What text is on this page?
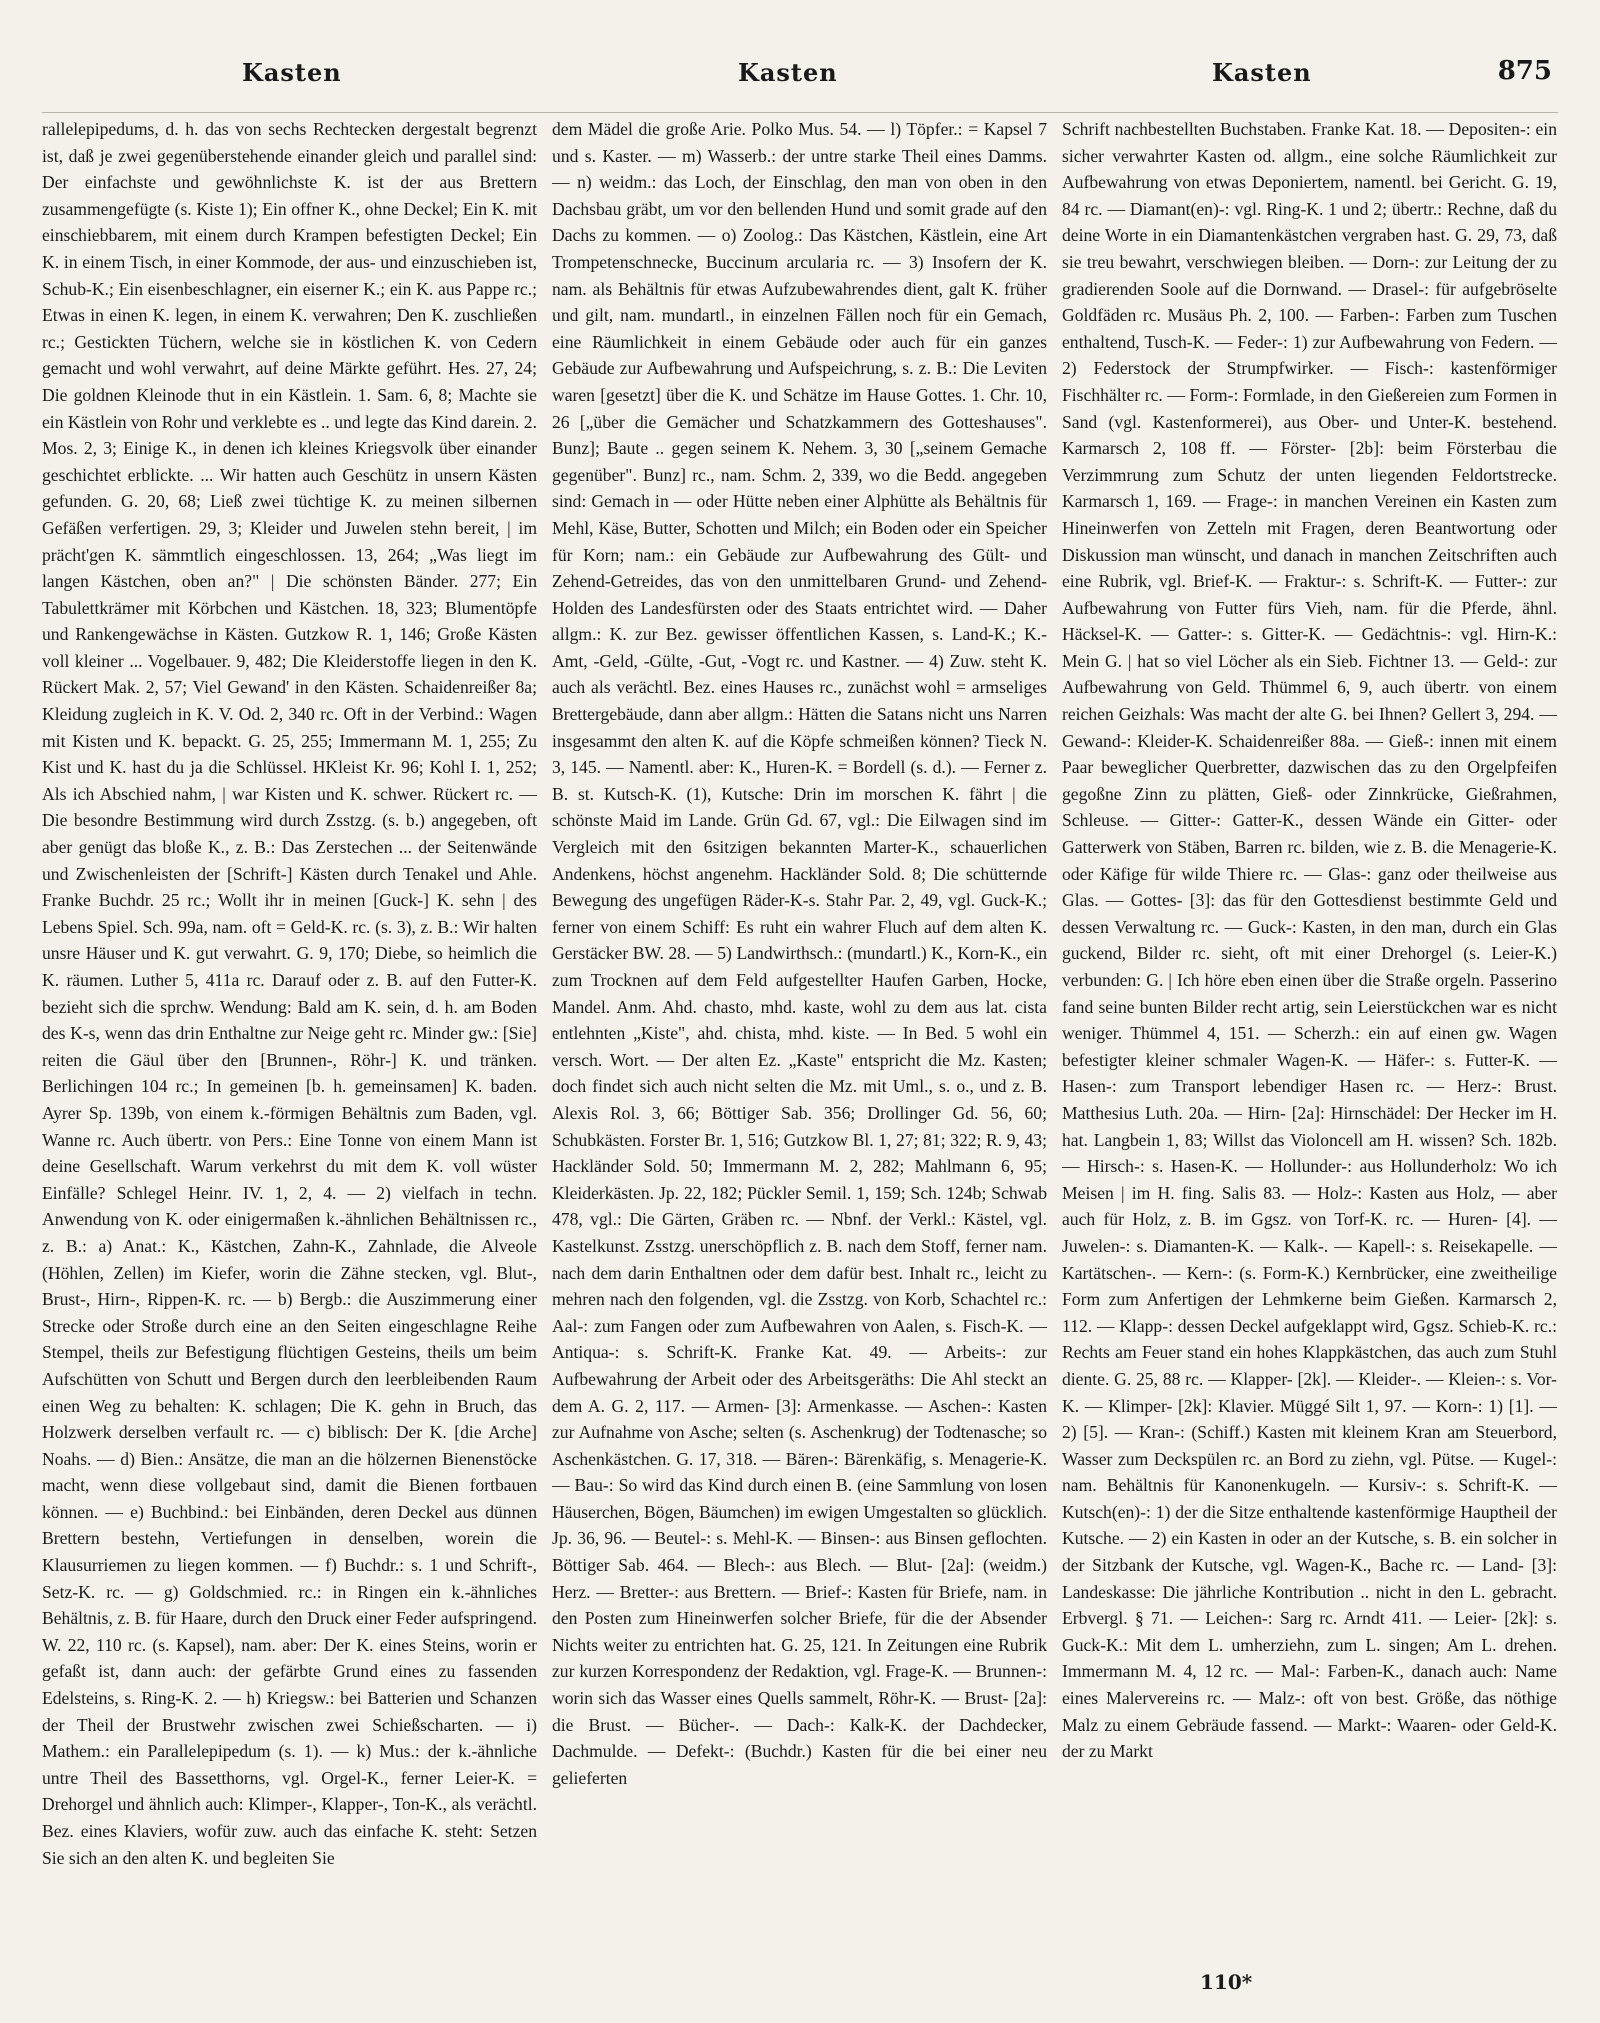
Kasten	Kasten	Kasten	875

rallelepipedums, d. h. das von sechs Rechtecken dergestalt begrenzt ist, daß je zwei gegenüberstehende einander gleich und parallel sind: Der einfachste und gewöhnlichste K. ist der aus Brettern zusammengefügte (s. Kiste 1); Ein offner K., ohne Deckel; Ein K. mit einschiebbarem, mit einem durch Krampen befestigten Deckel; Ein K. in einem Tisch, in einer Kommode, der aus- und einzuschieben ist, Schub-K.; Ein eisenbeschlagner, ein eiserner K.; ein K. aus Pappe rc.; Etwas in einen K. legen, in einem K. verwahren; Den K. zuschließen rc.; Gestickten Tüchern, welche sie in köstlichen K. von Cedern gemacht und wohl verwahrt, auf deine Märkte geführt. Hes. 27, 24; Die goldnen Kleinode thut in ein Kästlein. 1. Sam. 6, 8; Machte sie ein Kästlein von Rohr und verklebte es .. und legte das Kind darein. 2. Mos. 2, 3; Einige K., in denen ich kleines Kriegsvolk über einander geschichtet erblickte. ... Wir hatten auch Geschütz in unsern Kästen gefunden. G. 20, 68; Ließ zwei tüchtige K. zu meinen silbernen Gefäßen verfertigen. 29, 3; Kleider und Juwelen stehn bereit, | im prächt'gen K. sämmtlich eingeschlossen. 13, 264; „Was liegt im langen Kästchen, oben an?" | Die schönsten Bänder. 277; Ein Tabulettkrämer mit Körbchen und Kästchen. 18, 323; Blumentöpfe und Rankengewächse in Kästen. Gutzkow R. 1, 146; Große Kästen voll kleiner ... Vogelbauer. 9, 482; Die Kleiderstoffe liegen in den K. Rückert Mak. 2, 57; Viel Gewand' in den Kästen. Schaidenreißer 8a; Kleidung zugleich in K. V. Od. 2, 340 rc. Oft in der Verbind.: Wagen mit Kisten und K. bepackt. G. 25, 255; Immermann M. 1, 255; Zu Kist und K. hast du ja die Schlüssel. HKleist Kr. 96; Kohl I. 1, 252; Als ich Abschied nahm, | war Kisten und K. schwer. Rückert rc. — Die besondre Bestimmung wird durch Zsstzg. (s. b.) angegeben, oft aber genügt das bloße K., z. B.: Das Zerstechen ... der Seitenwände und Zwischenleisten der [Schrift-] Kästen durch Tenakel und Ahle. Franke Buchdr. 25 rc.; Wollt ihr in meinen [Guck-] K. sehn | des Lebens Spiel. Sch. 99a, nam. oft = Geld-K. rc. (s. 3), z. B.: Wir halten unsre Häuser und K. gut verwahrt. G. 9, 170; Diebe, so heimlich die K. räumen. Luther 5, 411a rc. Darauf oder z. B. auf den Futter-K. bezieht sich die sprchw. Wendung: Bald am K. sein, d. h. am Boden des K-s, wenn das drin Enthaltne zur Neige geht rc. Minder gw.: [Sie] reiten die Gäul über den [Brunnen-, Röhr-] K. und tränken. Berlichingen 104 rc.; In gemeinen [b. h. gemeinsamen] K. baden. Ayrer Sp. 139b, von einem k.-förmigen Behältnis zum Baden, vgl. Wanne rc. Auch übertr. von Pers.: Eine Tonne von einem Mann ist deine Gesellschaft. Warum verkehrst du mit dem K. voll wüster Einfälle? Schlegel Heinr. IV. 1, 2, 4. — 2) vielfach in techn. Anwendung von K. oder einigermaßen k.-ähnlichen Behältnissen rc., z. B.: a) Anat.: K., Kästchen, Zahn-K., Zahnlade, die Alveole (Höhlen, Zellen) im Kiefer, worin die Zähne stecken, vgl. Blut-, Brust-, Hirn-, Rippen-K. rc. — b) Bergb.: die Auszimmerung einer Strecke oder Stroße durch eine an den Seiten eingeschlagne Reihe Stempel, theils zur Befestigung flüchtigen Gesteins, theils um beim Aufschütten von Schutt und Bergen durch den leerbleibenden Raum einen Weg zu behalten: K. schlagen; Die K. gehn in Bruch, das Holzwerk derselben verfault rc. — c) biblisch: Der K. [die Arche] Noahs. — d) Bien.: Ansätze, die man an die hölzernen Bienenstöcke macht, wenn diese vollgebaut sind, damit die Bienen fortbauen können. — e) Buchbind.: bei Einbänden, deren Deckel aus dünnen Brettern bestehn, Vertiefungen in denselben, worein die Klausurriemen zu liegen kommen. — f) Buchdr.: s. 1 und Schrift-, Setz-K. rc. — g) Goldschmied. rc.: in Ringen ein k.-ähnliches Behältnis, z. B. für Haare, durch den Druck einer Feder aufspringend. W. 22, 110 rc. (s. Kapsel), nam. aber: Der K. eines Steins, worin er gefaßt ist, dann auch: der gefärbte Grund eines zu fassenden Edelsteins, s. Ring-K. 2. — h) Kriegsw.: bei Batterien und Schanzen der Theil der Brustwehr zwischen zwei Schießscharten. — i) Mathem.: ein Parallelepipedum (s. 1). — k) Mus.: der k.-ähnliche untre Theil des Bassetthorns, vgl. Orgel-K., ferner Leier-K. = Drehorgel und ähnlich auch: Klimper-, Klapper-, Ton-K., als verächtl. Bez. eines Klaviers, wofür zuw. auch das einfache K. steht: Setzen Sie sich an den alten K. und begleiten Sie

dem Mädel die große Arie. Polko Mus. 54. — l) Töpfer.: = Kapsel 7 und s. Kaster. — m) Wasserb.: der untre starke Theil eines Damms. — n) weidm.: das Loch, der Einschlag, den man von oben in den Dachsbau gräbt, um vor den bellenden Hund und somit grade auf den Dachs zu kommen. — o) Zoolog.: Das Kästchen, Kästlein, eine Art Trompetenschnecke, Buccinum arcularia rc. — 3) Insofern der K. nam. als Behältnis für etwas Aufzubewahrendes dient, galt K. früher und gilt, nam. mundartl., in einzelnen Fällen noch für ein Gemach, eine Räumlichkeit in einem Gebäude oder auch für ein ganzes Gebäude zur Aufbewahrung und Aufspeichrung, s. z. B.: Die Leviten waren [gesetzt] über die K. und Schätze im Hause Gottes. 1. Chr. 10, 26 [„über die Gemächer und Schatzkammern des Gotteshauses". Bunz]; Baute .. gegen seinem K. Nehem. 3, 30 [„seinem Gemache gegenüber". Bunz] rc., nam. Schm. 2, 339, wo die Bedd. angegeben sind: Gemach in — oder Hütte neben einer Alphütte als Behältnis für Mehl, Käse, Butter, Schotten und Milch; ein Boden oder ein Speicher für Korn; nam.: ein Gebäude zur Aufbewahrung des Gült- und Zehend-Getreides, das von den unmittelbaren Grund- und Zehend-Holden des Landesfürsten oder des Staats entrichtet wird. — Daher allgm.: K. zur Bez. gewisser öffentlichen Kassen, s. Land-K.; K.-Amt, -Geld, -Gülte, -Gut, -Vogt rc. und Kastner. — 4) Zuw. steht K. auch als verächtl. Bez. eines Hauses rc., zunächst wohl = armseliges Brettergebäude, dann aber allgm.: Hätten die Satans nicht uns Narren insgesammt den alten K. auf die Köpfe schmeißen können? Tieck N. 3, 145. — Namentl. aber: K., Huren-K. = Bordell (s. d.). — Ferner z. B. st. Kutsch-K. (1), Kutsche: Drin im morschen K. fährt | die schönste Maid im Lande. Grün Gd. 67, vgl.: Die Eilwagen sind im Vergleich mit den 6sitzigen bekannten Marter-K., schauerlichen Andenkens, höchst angenehm. Hackländer Sold. 8; Die schütternde Bewegung des ungefügen Räder-K-s. Stahr Par. 2, 49, vgl. Guck-K.; ferner von einem Schiff: Es ruht ein wahrer Fluch auf dem alten K. Gerstäcker BW. 28. — 5) Landwirthsch.: (mundartl.) K., Korn-K., ein zum Trocknen auf dem Feld aufgestellter Haufen Garben, Hocke, Mandel. Anm. Ahd. chasto, mhd. kaste, wohl zu dem aus lat. cista entlehnten „Kiste", ahd. chista, mhd. kiste. — In Bed. 5 wohl ein versch. Wort. — Der alten Ez. „Kaste" entspricht die Mz. Kasten; doch findet sich auch nicht selten die Mz. mit Uml., s. o., und z. B. Alexis Rol. 3, 66; Böttiger Sab. 356; Drollinger Gd. 56, 60; Schubkästen. Forster Br. 1, 516; Gutzkow Bl. 1, 27; 81; 322; R. 9, 43; Hackländer Sold. 50; Immermann M. 2, 282; Mahlmann 6, 95; Kleiderkästen. Jp. 22, 182; Pückler Semil. 1, 159; Sch. 124b; Schwab 478, vgl.: Die Gärten, Gräben rc. — Nbnf. der Verkl.: Kästel, vgl. Kastelkunst. Zsstzg. unerschöpflich z. B. nach dem Stoff, ferner nam. nach dem darin Enthaltnen oder dem dafür best. Inhalt rc., leicht zu mehren nach den folgenden, vgl. die Zsstzg. von Korb, Schachtel rc.: Aal-: zum Fangen oder zum Aufbewahren von Aalen, s. Fisch-K. — Antiqua-: s. Schrift-K. Franke Kat. 49. — Arbeits-: zur Aufbewahrung der Arbeit oder des Arbeitsgeräths: Die Ahl steckt an dem A. G. 2, 117. — Armen- [3]: Armenkasse. — Aschen-: Kasten zur Aufnahme von Asche; selten (s. Aschenkrug) der Todtenasche; so Aschenkästchen. G. 17, 318. — Bären-: Bärenkäfig, s. Menagerie-K. — Bau-: So wird das Kind durch einen B. (eine Sammlung von losen Häuserchen, Bögen, Bäumchen) im ewigen Umgestalten so glücklich. Jp. 36, 96. — Beutel-: s. Mehl-K. — Binsen-: aus Binsen geflochten. Böttiger Sab. 464. — Blech-: aus Blech. — Blut- [2a]: (weidm.) Herz. — Bretter-: aus Brettern. — Brief-: Kasten für Briefe, nam. in den Posten zum Hineinwerfen solcher Briefe, für die der Absender Nichts weiter zu entrichten hat. G. 25, 121. In Zeitungen eine Rubrik zur kurzen Korrespondenz der Redaktion, vgl. Frage-K. — Brunnen-: worin sich das Wasser eines Quells sammelt, Röhr-K. — Brust- [2a]: die Brust. — Bücher-. — Dach-: Kalk-K. der Dachdecker, Dachmulde. — Defekt-: (Buchdr.) Kasten für die bei einer neu gelieferten

Schrift nachbestellten Buchstaben. Franke Kat. 18. — Depositen-: ein sicher verwahrter Kasten od. allgm., eine solche Räumlichkeit zur Aufbewahrung von etwas Deponiertem, namentl. bei Gericht. G. 19, 84 rc. — Diamant(en)-: vgl. Ring-K. 1 und 2; übertr.: Rechne, daß du deine Worte in ein Diamantenkästchen vergraben hast. G. 29, 73, daß sie treu bewahrt, verschwiegen bleiben. — Dorn-: zur Leitung der zu gradierenden Soole auf die Dornwand. — Drasel-: für aufgebröselte Goldfäden rc. Musäus Ph. 2, 100. — Farben-: Farben zum Tuschen enthaltend, Tusch-K. — Feder-: 1) zur Aufbewahrung von Federn. — 2) Federstock der Strumpfwirker. — Fisch-: kastenförmiger Fischhälter rc. — Form-: Formlade, in den Gießereien zum Formen in Sand (vgl. Kastenformerei), aus Ober- und Unter-K. bestehend. Karmarsch 2, 108 ff. — Förster- [2b]: beim Försterbau die Verzimmrung zum Schutz der unten liegenden Feldortstrecke. Karmarsch 1, 169. — Frage-: in manchen Vereinen ein Kasten zum Hineinwerfen von Zetteln mit Fragen, deren Beantwortung oder Diskussion man wünscht, und danach in manchen Zeitschriften auch eine Rubrik, vgl. Brief-K. — Fraktur-: s. Schrift-K. — Futter-: zur Aufbewahrung von Futter fürs Vieh, nam. für die Pferde, ähnl. Häcksel-K. — Gatter-: s. Gitter-K. — Gedächtnis-: vgl. Hirn-K.: Mein G. | hat so viel Löcher als ein Sieb. Fichtner 13. — Geld-: zur Aufbewahrung von Geld. Thümmel 6, 9, auch übertr. von einem reichen Geizhals: Was macht der alte G. bei Ihnen? Gellert 3, 294. — Gewand-: Kleider-K. Schaidenreißer 88a. — Gieß-: innen mit einem Paar beweglicher Querbretter, dazwischen das zu den Orgelpfeifen gegoßne Zinn zu plätten, Gieß- oder Zinnkrücke, Gießrahmen, Schleuse. — Gitter-: Gatter-K., dessen Wände ein Gitter- oder Gatterwerk von Stäben, Barren rc. bilden, wie z. B. die Menagerie-K. oder Käfige für wilde Thiere rc. — Glas-: ganz oder theilweise aus Glas. — Gottes- [3]: das für den Gottesdienst bestimmte Geld und dessen Verwaltung rc. — Guck-: Kasten, in den man, durch ein Glas guckend, Bilder rc. sieht, oft mit einer Drehorgel (s. Leier-K.) verbunden: G. | Ich höre eben einen über die Straße orgeln. Passerino fand seine bunten Bilder recht artig, sein Leierstückchen war es nicht weniger. Thümmel 4, 151. — Scherzh.: ein auf einen gw. Wagen befestigter kleiner schmaler Wagen-K. — Häfer-: s. Futter-K. — Hasen-: zum Transport lebendiger Hasen rc. — Herz-: Brust. Matthesius Luth. 20a. — Hirn- [2a]: Hirnschädel: Der Hecker im H. hat. Langbein 1, 83; Willst das Violoncell am H. wissen? Sch. 182b. — Hirsch-: s. Hasen-K. — Hollunder-: aus Hollunderholz: Wo ich Meisen | im H. fing. Salis 83. — Holz-: Kasten aus Holz, — aber auch für Holz, z. B. im Ggsz. von Torf-K. rc. — Huren- [4]. — Juwelen-: s. Diamanten-K. — Kalk-. — Kapell-: s. Reisekapelle. — Kartätschen-. — Kern-: (s. Form-K.) Kernbrücker, eine zweitheilige Form zum Anfertigen der Lehmkerne beim Gießen. Karmarsch 2, 112. — Klapp-: dessen Deckel aufgeklappt wird, Ggsz. Schieb-K. rc.: Rechts am Feuer stand ein hohes Klappkästchen, das auch zum Stuhl diente. G. 25, 88 rc. — Klapper- [2k]. — Kleider-. — Kleien-: s. Vor-K. — Klimper- [2k]: Klavier. Müggé Silt 1, 97. — Korn-: 1) [1]. — 2) [5]. — Kran-: (Schiff.) Kasten mit kleinem Kran am Steuerbord, Wasser zum Deckspülen rc. an Bord zu ziehn, vgl. Pütse. — Kugel-: nam. Behältnis für Kanonenkugeln. — Kursiv-: s. Schrift-K. — Kutsch(en)-: 1) der die Sitze enthaltende kastenförmige Hauptheil der Kutsche. — 2) ein Kasten in oder an der Kutsche, s. B. ein solcher in der Sitzbank der Kutsche, vgl. Wagen-K., Bache rc. — Land- [3]: Landeskasse: Die jährliche Kontribution .. nicht in den L. gebracht. Erbvergl. § 71. — Leichen-: Sarg rc. Arndt 411. — Leier- [2k]: s. Guck-K.: Mit dem L. umherziehn, zum L. singen; Am L. drehen. Immermann M. 4, 12 rc. — Mal-: Farben-K., danach auch: Name eines Malervereins rc. — Malz-: oft von best. Größe, das nöthige Malz zu einem Gebräude fassend. — Markt-: Waaren- oder Geld-K. der zu Markt

110*
